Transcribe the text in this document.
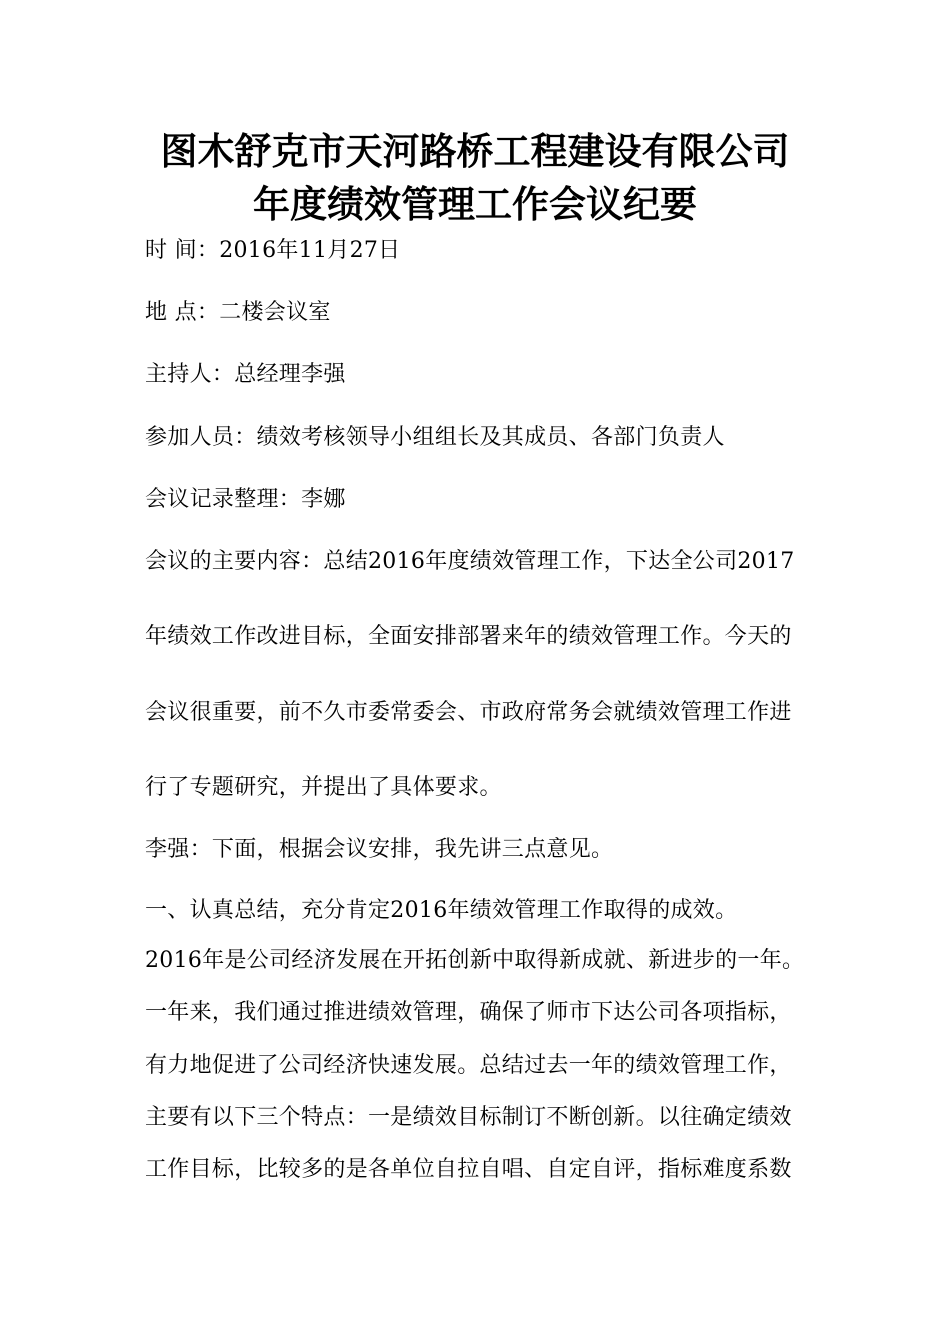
图木舒克市天河路桥工程建设有限公司
年度绩效管理工作会议纪要
时 间：2016年11月27日
地 点：二楼会议室
主持人：总经理李强
参加人员：绩效考核领导小组组长及其成员、各部门负责人
会议记录整理：李娜
会议的主要内容：总结2016年度绩效管理工作，下达全公司2017
年绩效工作改进目标，全面安排部署来年的绩效管理工作。今天的
会议很重要，前不久市委常委会、市政府常务会就绩效管理工作进
行了专题研究，并提出了具体要求。
李强：下面，根据会议安排，我先讲三点意见。
一、认真总结，充分肯定2016年绩效管理工作取得的成效。
2016年是公司经济发展在开拓创新中取得新成就、新进步的一年。
一年来，我们通过推进绩效管理，确保了师市下达公司各项指标，
有力地促进了公司经济快速发展。总结过去一年的绩效管理工作，
主要有以下三个特点：一是绩效目标制订不断创新。以往确定绩效
工作目标，比较多的是各单位自拉自唱、自定自评，指标难度系数
